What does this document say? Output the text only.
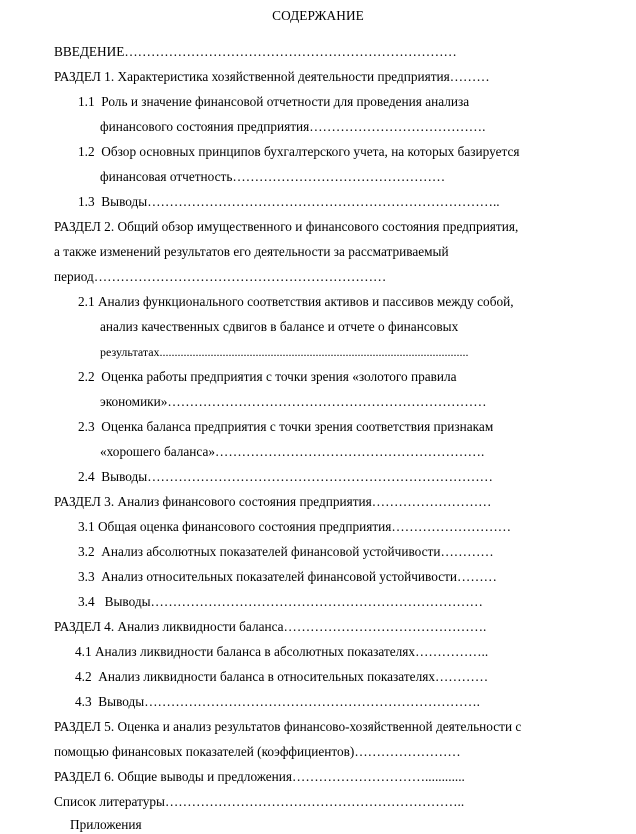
СОДЕРЖАНИЕ
ВВЕДЕНИЕ…………………………………………………………………
РАЗДЕЛ 1. Характеристика хозяйственной деятельности предприятия………
1.1  Роль и значение финансовой отчетности для проведения анализа
финансового состояния предприятия………………………………….
1.2  Обзор основных принципов бухгалтерского учета, на которых базируется
финансовая отчетность…………………………………………
1.3  Выводы……………………………………………………………………..
РАЗДЕЛ 2. Общий обзор имущественного и финансового состояния предприятия,
а также изменений результатов его деятельности за рассматриваемый
период…………………………………………………………
2.1 Анализ функционального соответствия активов и пассивов между собой,
анализ качественных сдвигов в балансе и отчете о финансовых
результатах.......................................................................................................
2.2  Оценка работы предприятия с точки зрения «золотого правила
экономики»………………………………………………………………
2.3  Оценка баланса предприятия с точки зрения соответствия признакам
«хорошего баланса»…………………………………………………….
2.4  Выводы……………………………………………………………………
РАЗДЕЛ 3. Анализ финансового состояния предприятия………………………
3.1 Общая оценка финансового состояния предприятия………………………
3.2  Анализ абсолютных показателей финансовой устойчивости…………
3.3  Анализ относительных показателей финансовой устойчивости………
3.4   Выводы…………………………………………………………………
РАЗДЕЛ 4. Анализ ликвидности баланса……………………………………….
4.1 Анализ ликвидности баланса в абсолютных показателях……………..
4.2  Анализ ликвидности баланса в относительных показателях…………
4.3  Выводы………………………………………………………………….
РАЗДЕЛ 5. Оценка и анализ результатов финансово-хозяйственной деятельности с
помощью финансовых показателей (коэффициентов)……………………
РАЗДЕЛ 6. Общие выводы и предложения…………………………............
Список литературы…………………………………………………………..
Приложения
